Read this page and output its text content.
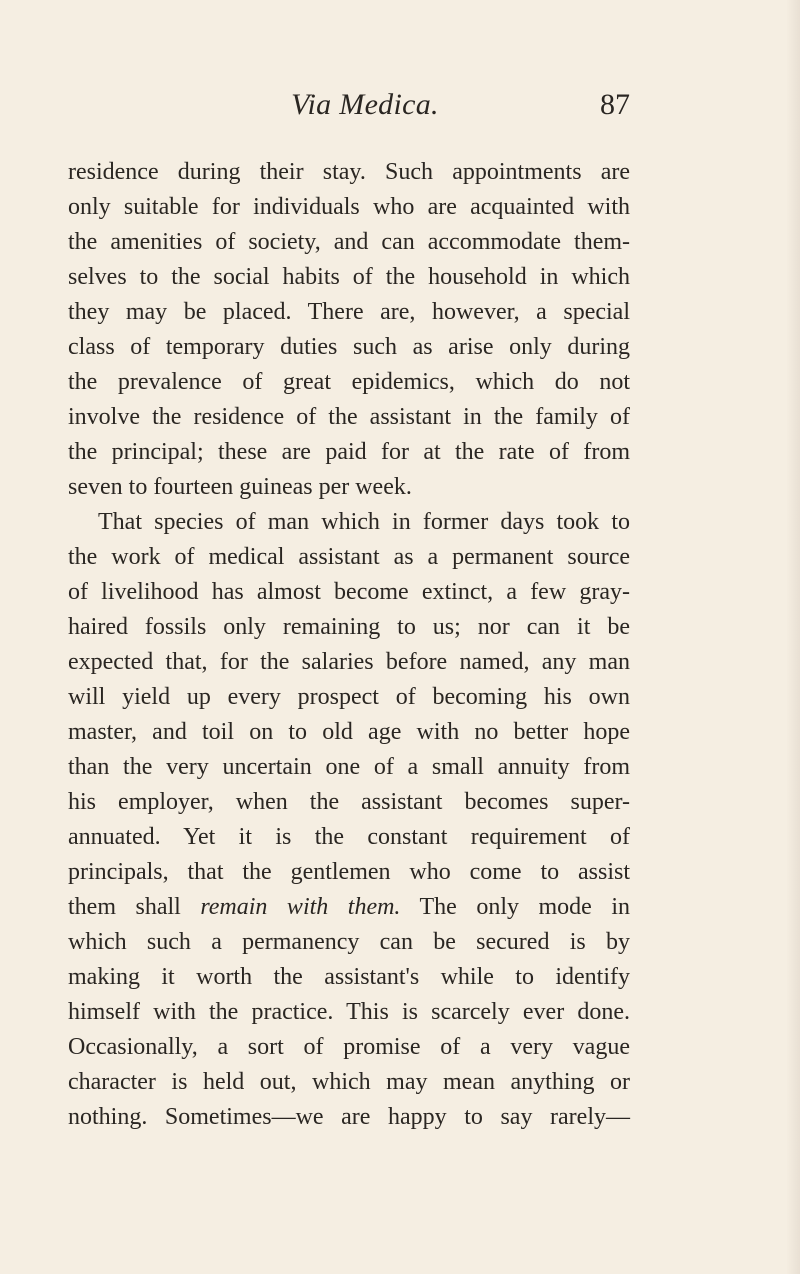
Via Medica.	87
residence during their stay. Such appointments are
only suitable for individuals who are acquainted with
the amenities of society, and can accommodate them-
selves to the social habits of the household in which
they may be placed. There are, however, a special
class of temporary duties such as arise only during
the prevalence of great epidemics, which do not
involve the residence of the assistant in the family of
the principal; these are paid for at the rate of from
seven to fourteen guineas per week.
That species of man which in former days took to
the work of medical assistant as a permanent source
of livelihood has almost become extinct, a few gray-
haired fossils only remaining to us; nor can it be
expected that, for the salaries before named, any man
will yield up every prospect of becoming his own
master, and toil on to old age with no better hope
than the very uncertain one of a small annuity from
his employer, when the assistant becomes super-
annuated. Yet it is the constant requirement of
principals, that the gentlemen who come to assist
them shall remain with them. The only mode in
which such a permanency can be secured is by
making it worth the assistant's while to identify
himself with the practice. This is scarcely ever done.
Occasionally, a sort of promise of a very vague
character is held out, which may mean anything or
nothing. Sometimes—we are happy to say rarely—
